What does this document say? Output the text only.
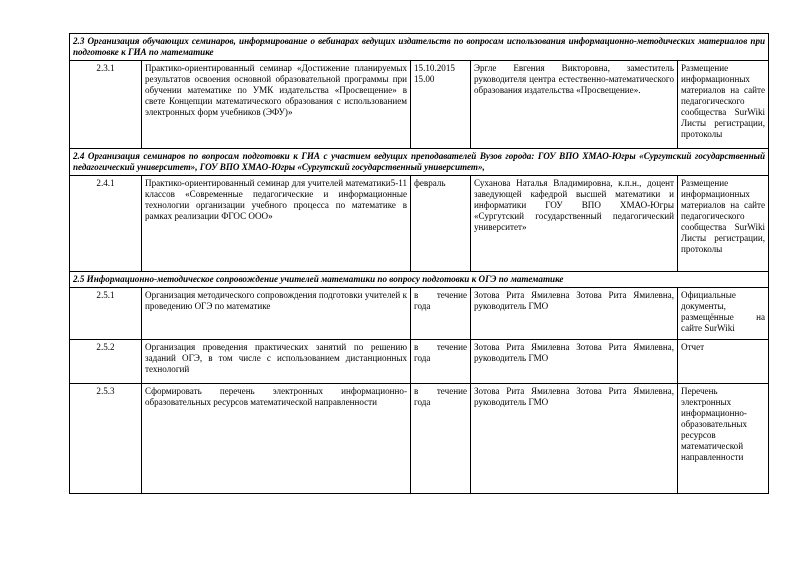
2.3 Организация обучающих семинаров, информирование о вебинарах ведущих издательств по вопросам использования информационно-методических материалов при подготовке к ГИА по математике				
2.3.1	Практико-ориентированный семинар «Достижение планируемых результатов освоения основной образовательной программы при обучении математике по УМК издательства «Просвещение» в свете Концепции математического образования с использованием электронных форм учебников (ЭФУ)»	15.10.2015 15.00	Эргле Евгения Викторовна, заместитель руководителя центра естественно-математического образования издательства «Просвещение».	Размещение информационных материалов на сайте педагогического сообщества SurWiki Листы регистрации, протоколы
2.4 Организация семинаров по вопросам подготовки к ГИА с участием ведущих преподавателей Вузов города: ГОУ ВПО ХМАО-Югры «Сургутский государственный педагогический университет», ГОУ ВПО ХМАО-Югры «Сургутский государственный университет»,				
2.4.1	Практико-ориентированный семинар для учителей математики5-11 классов «Современные педагогические и информационные технологии организации учебного процесса по математике в рамках реализации ФГОС ООО»	февраль	Суханова Наталья Владимировна, к.п.н., доцент заведующей кафедрой высшей математики и информатики ГОУ ВПО ХМАО-Югры «Сургутский государственный педагогический университет»	Размещение информационных материалов на сайте педагогического сообщества SurWiki Листы регистрации, протоколы
2.5 Информационно-методическое сопровождение учителей математики по вопросу подготовки к ОГЭ по математике				
2.5.1	Организация методического сопровождения подготовки учителей к проведению ОГЭ по математике	в течение года	Зотова Рита Ямилевна Зотова Рита Ямилевна, руководитель ГМО	Официальные документы, размещённые на сайте SurWiki
2.5.2	Организация проведения практических занятий по решению заданий ОГЭ, в том числе с использованием дистанционных технологий	в течение года	Зотова Рита Ямилевна Зотова Рита Ямилевна, руководитель ГМО	Отчет
2.5.3	Сформировать перечень электронных информационно-образовательных ресурсов математической направленности	в течение года	Зотова Рита Ямилевна Зотова Рита Ямилевна, руководитель ГМО	Перечень электронных информационно-образовательных ресурсов математической направленности
